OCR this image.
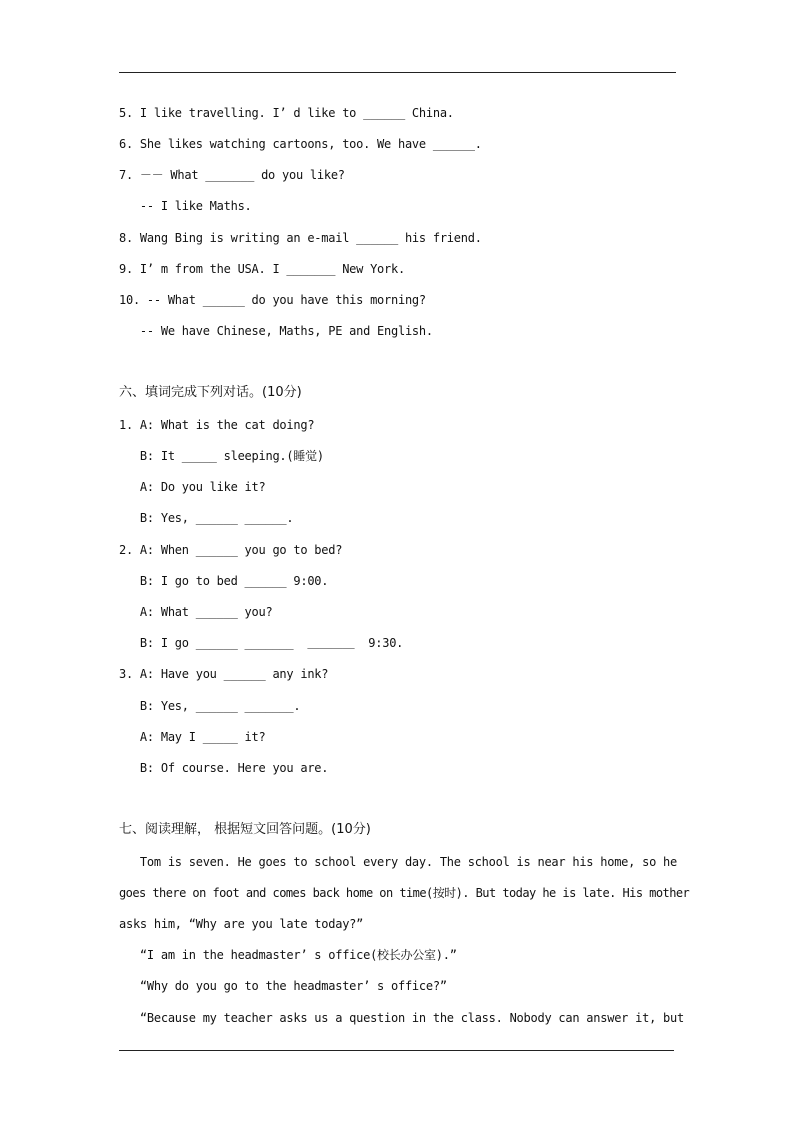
5. I like travelling. I’ d like to ______ China.
6. She likes watching cartoons, too. We have ______.
7. －－ What _______ do you like?
-- I like Maths.
8. Wang Bing is writing an e-mail ______ his friend.
9. I’ m from the USA. I _______ New York.
10. -- What ______ do you have this morning?
-- We have Chinese, Maths, PE and English.
六、填词完成下列对话。(10分)
1. A: What is the cat doing?
B: It _____ sleeping.(睡觉)
A: Do you like it?
B: Yes, ______ ______.
2. A: When ______ you go to bed?
B: I go to bed ______ 9:00.
A: What ______ you?
B: I go ______ _______  ＿＿＿＿  9:30.
3. A: Have you ______ any ink?
B: Yes, ______ _______.
A: May I _____ it?
B: Of course. Here you are.
七、阅读理解， 根据短文回答问题。(10分)
Tom is seven. He goes to school every day. The school is near his home, so he
goes there on foot and comes back home on time(按时). But today he is late. His mother
asks him, “Why are you late today?”
“I am in the headmaster’ s office(校长办公室).”
“Why do you go to the headmaster’ s office?”
“Because my teacher asks us a question in the class. Nobody can answer it, but
